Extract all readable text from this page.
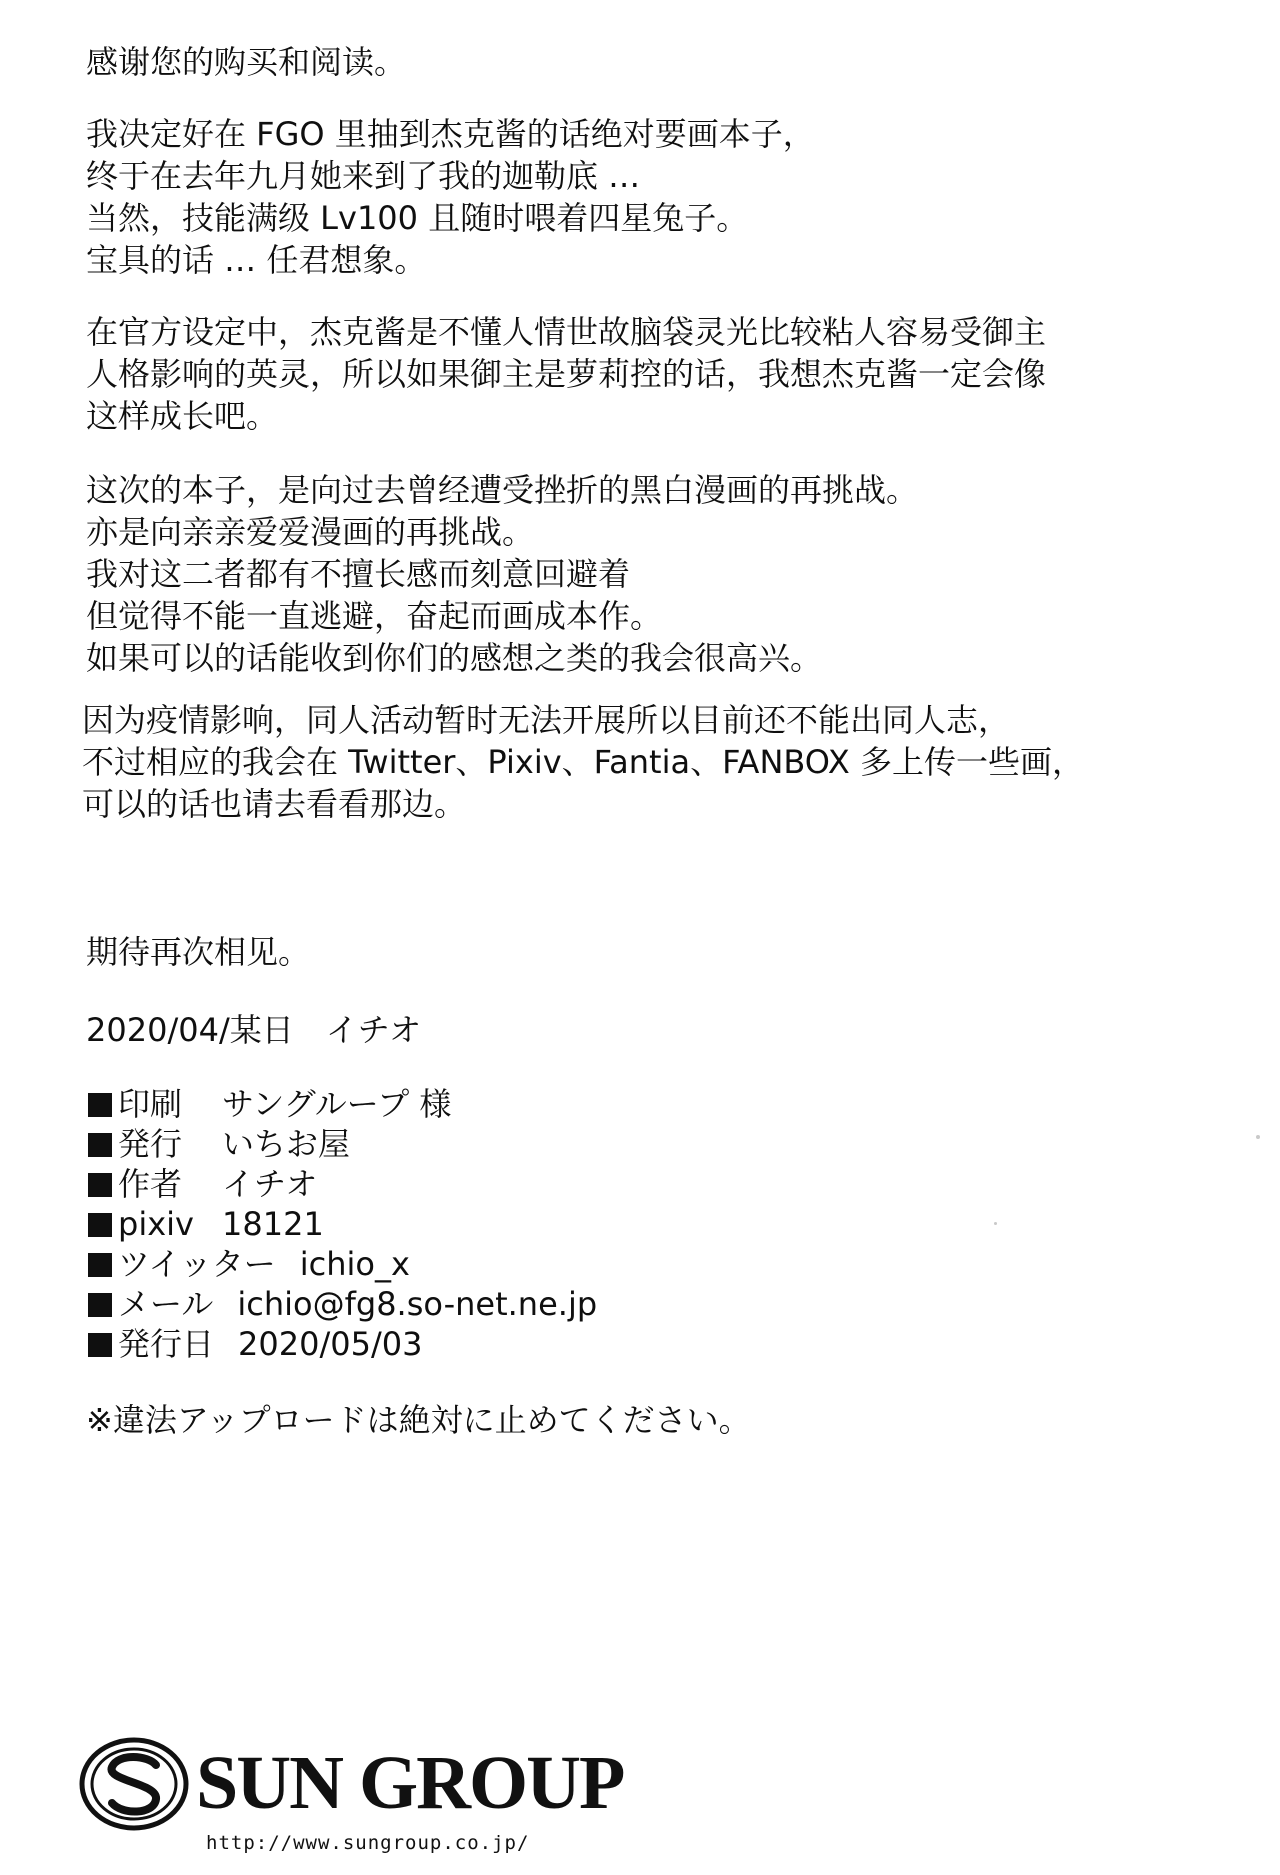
感谢您的购买和阅读。
我决定好在 FGO 里抽到杰克酱的话绝对要画本子，
终于在去年九月她来到了我的迦勒底 …
当然，技能满级 Lv100 且随时喂着四星兔子。
宝具的话 … 任君想象。
在官方设定中，杰克酱是不懂人情世故脑袋灵光比较粘人容易受御主
人格影响的英灵，所以如果御主是萝莉控的话，我想杰克酱一定会像
这样成长吧。
这次的本子，是向过去曾经遭受挫折的黑白漫画的再挑战。
亦是向亲亲爱爱漫画的再挑战。
我对这二者都有不擅长感而刻意回避着
但觉得不能一直逃避，奋起而画成本作。
如果可以的话能收到你们的感想之类的我会很高兴。
因为疫情影响，同人活动暂时无法开展所以目前还不能出同人志，
不过相应的我会在 Twitter、Pixiv、Fantia、FANBOX 多上传一些画，
可以的话也请去看看那边。
期待再次相见。
2020/04/某日　イチオ
印刷 サングループ 様
発行 いちお屋
作者 イチオ
pixiv 18121
ツイッター ichio_x
メール ichio@fg8.so-net.ne.jp
発行日 2020/05/03
※違法アップロードは絶対に止めてください。
SUN GROUP
http://www.sungroup.co.jp/
